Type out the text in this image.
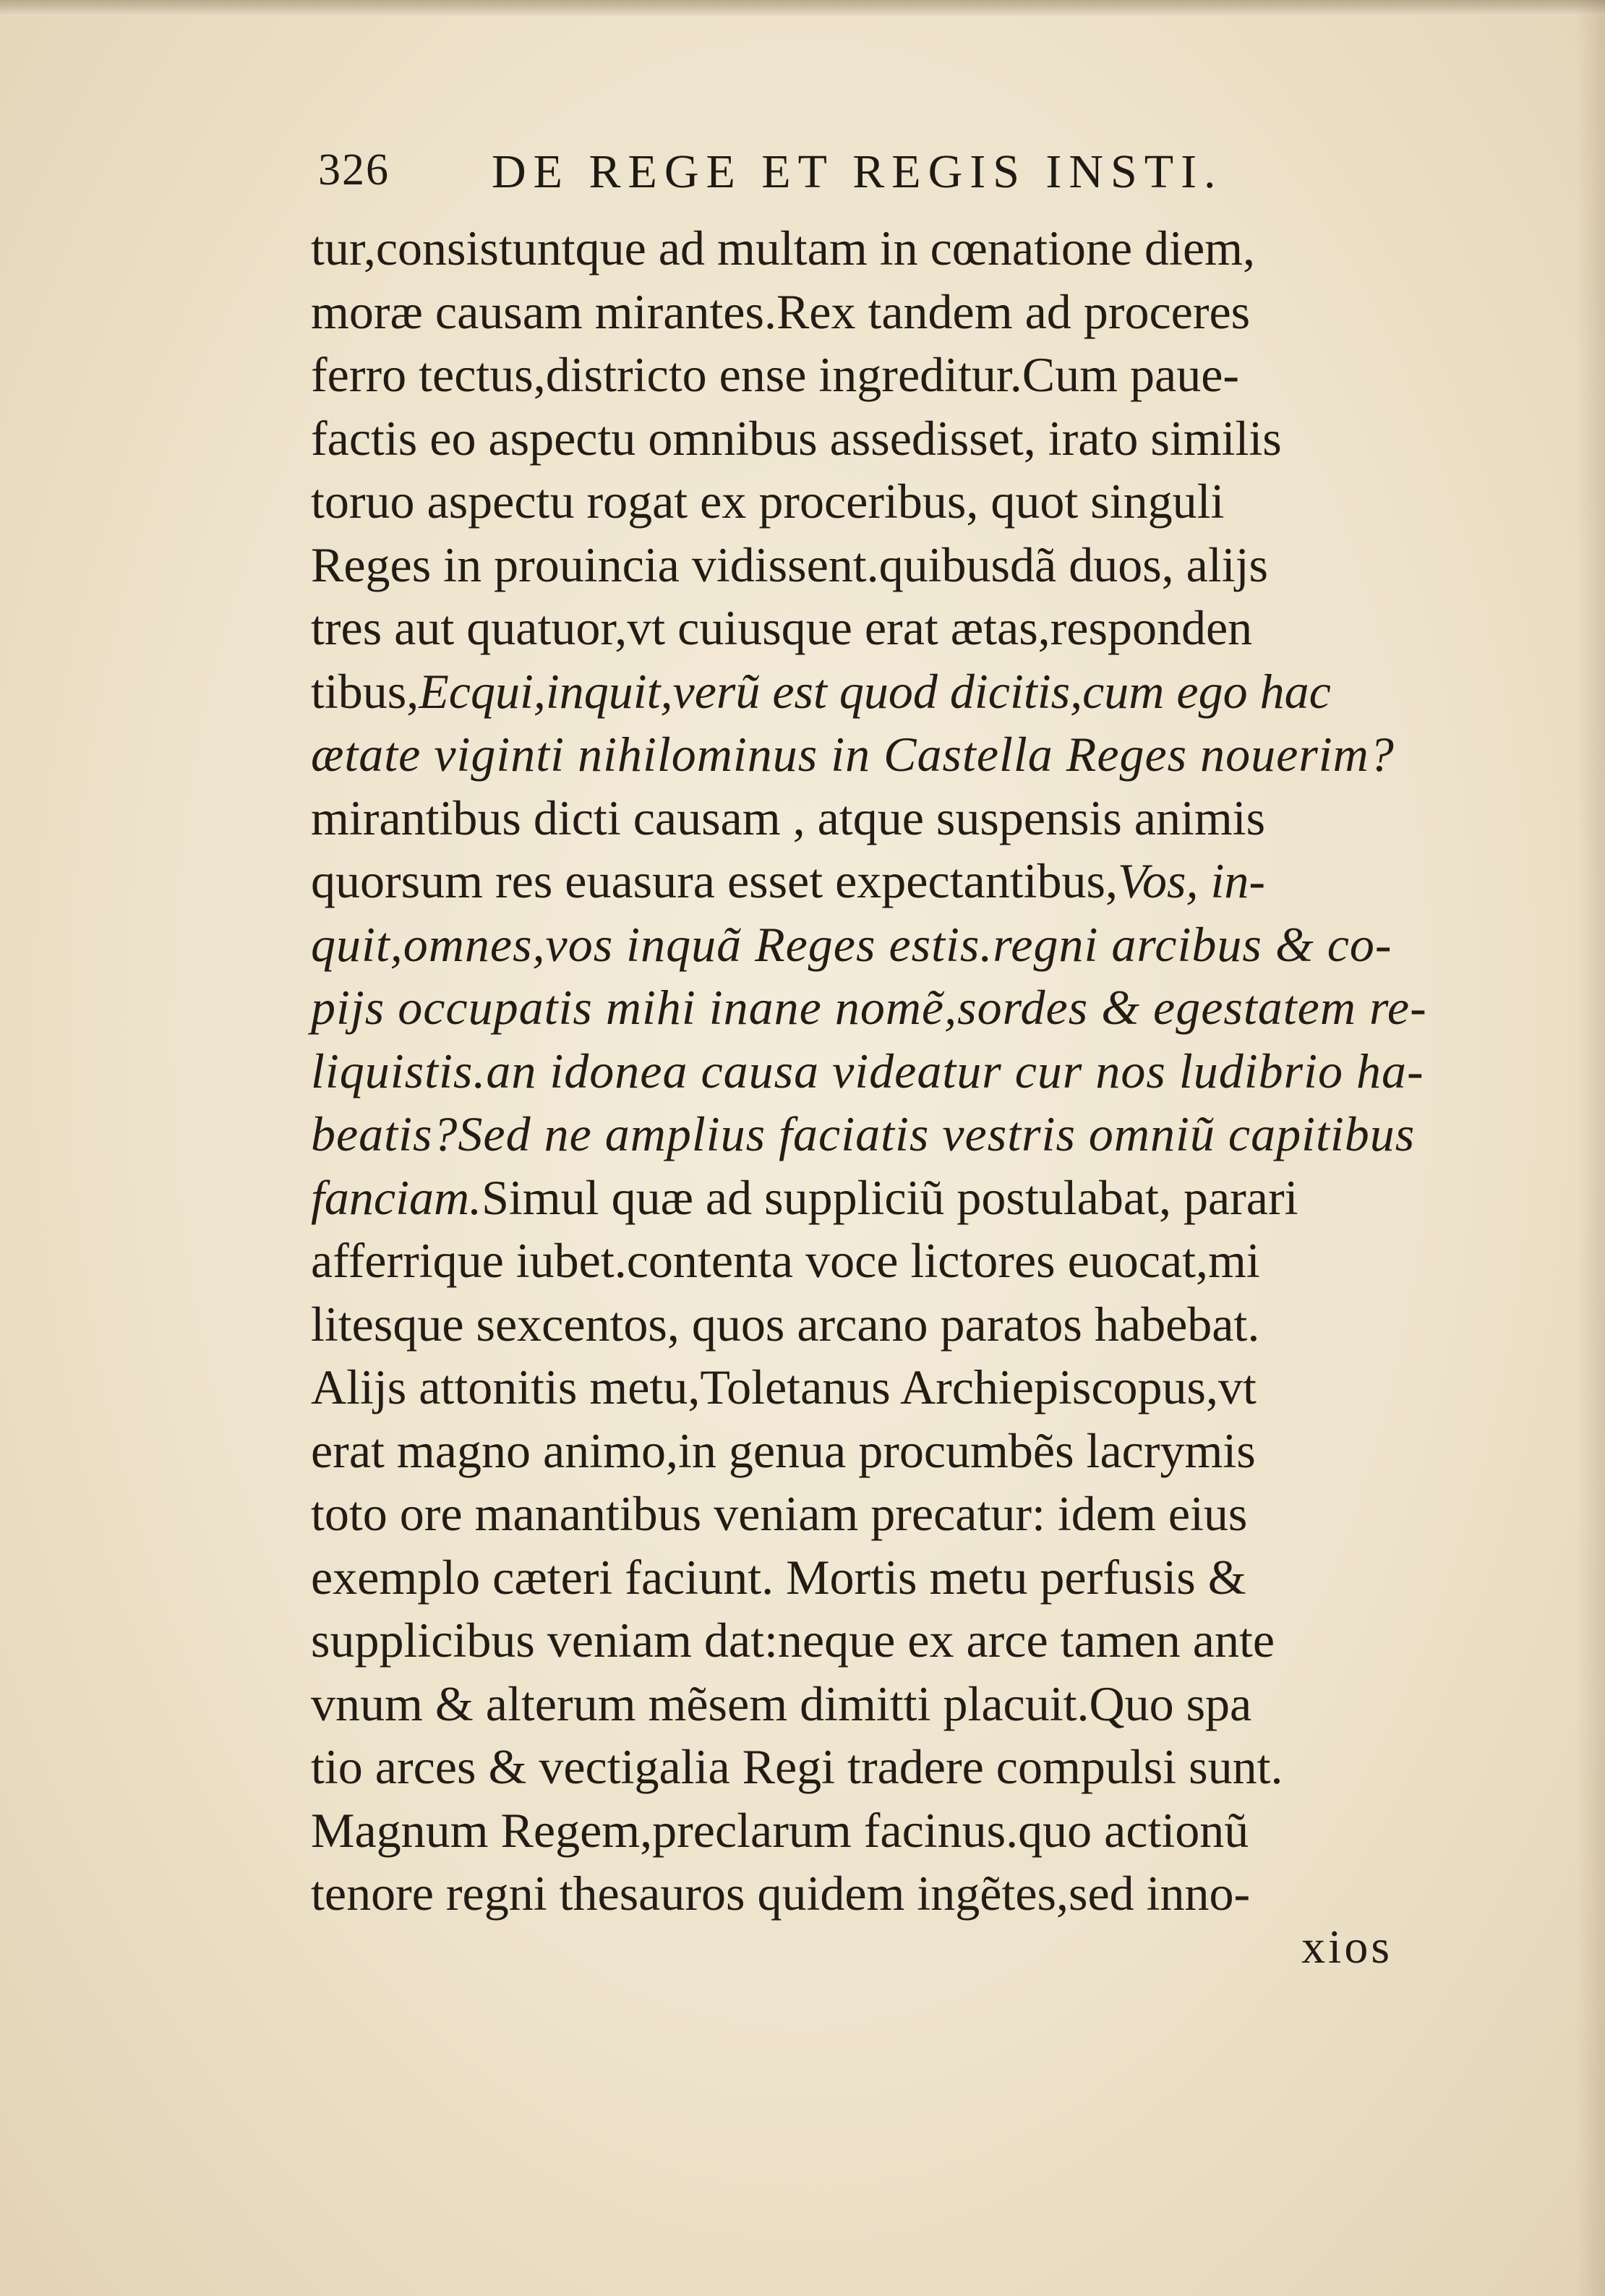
326 DE REGE ET REGIS INSTI.
tur,consistuntque ad multam in cœnatione diem,
moræ causam mirantes.Rex tandem ad proceres
ferro tectus,districto ense ingreditur.Cum paue-
factis eo aspectu omnibus assedisset, irato similis
toruo aspectu rogat ex proceribus, quot singuli
Reges in prouincia vidissent.quibusdã duos, alijs
tres aut quatuor,vt cuiusque erat ætas,responden
tibus,Ecqui,inquit,verũ est quod dicitis,cum ego hac
ætate viginti nihilominus in Castella Reges nouerim?
mirantibus dicti causam , atque suspensis animis
quorsum res euasura esset expectantibus,Vos, in-
quit,omnes,vos inquã Reges estis.regni arcibus & co-
pijs occupatis mihi inane nomẽ,sordes & egestatem re-
liquistis.an idonea causa videatur cur nos ludibrio ha-
beatis?Sed ne amplius faciatis vestris omniũ capitibus
fanciam.Simul quæ ad suppliciũ postulabat, parari
afferrique iubet.contenta voce lictores euocat,mi
litesque sexcentos, quos arcano paratos habebat.
Alijs attonitis metu,Toletanus Archiepiscopus,vt
erat magno animo,in genua procumbẽs lacrymis
toto ore manantibus veniam precatur: idem eius
exemplo cæteri faciunt. Mortis metu perfusis &
supplicibus veniam dat:neque ex arce tamen ante
vnum & alterum mẽsem dimitti placuit.Quo spa
tio arces & vectigalia Regi tradere compulsi sunt.
Magnum Regem,preclarum facinus.quo actionũ
tenore regni thesauros quidem ingẽtes,sed inno-
xios
